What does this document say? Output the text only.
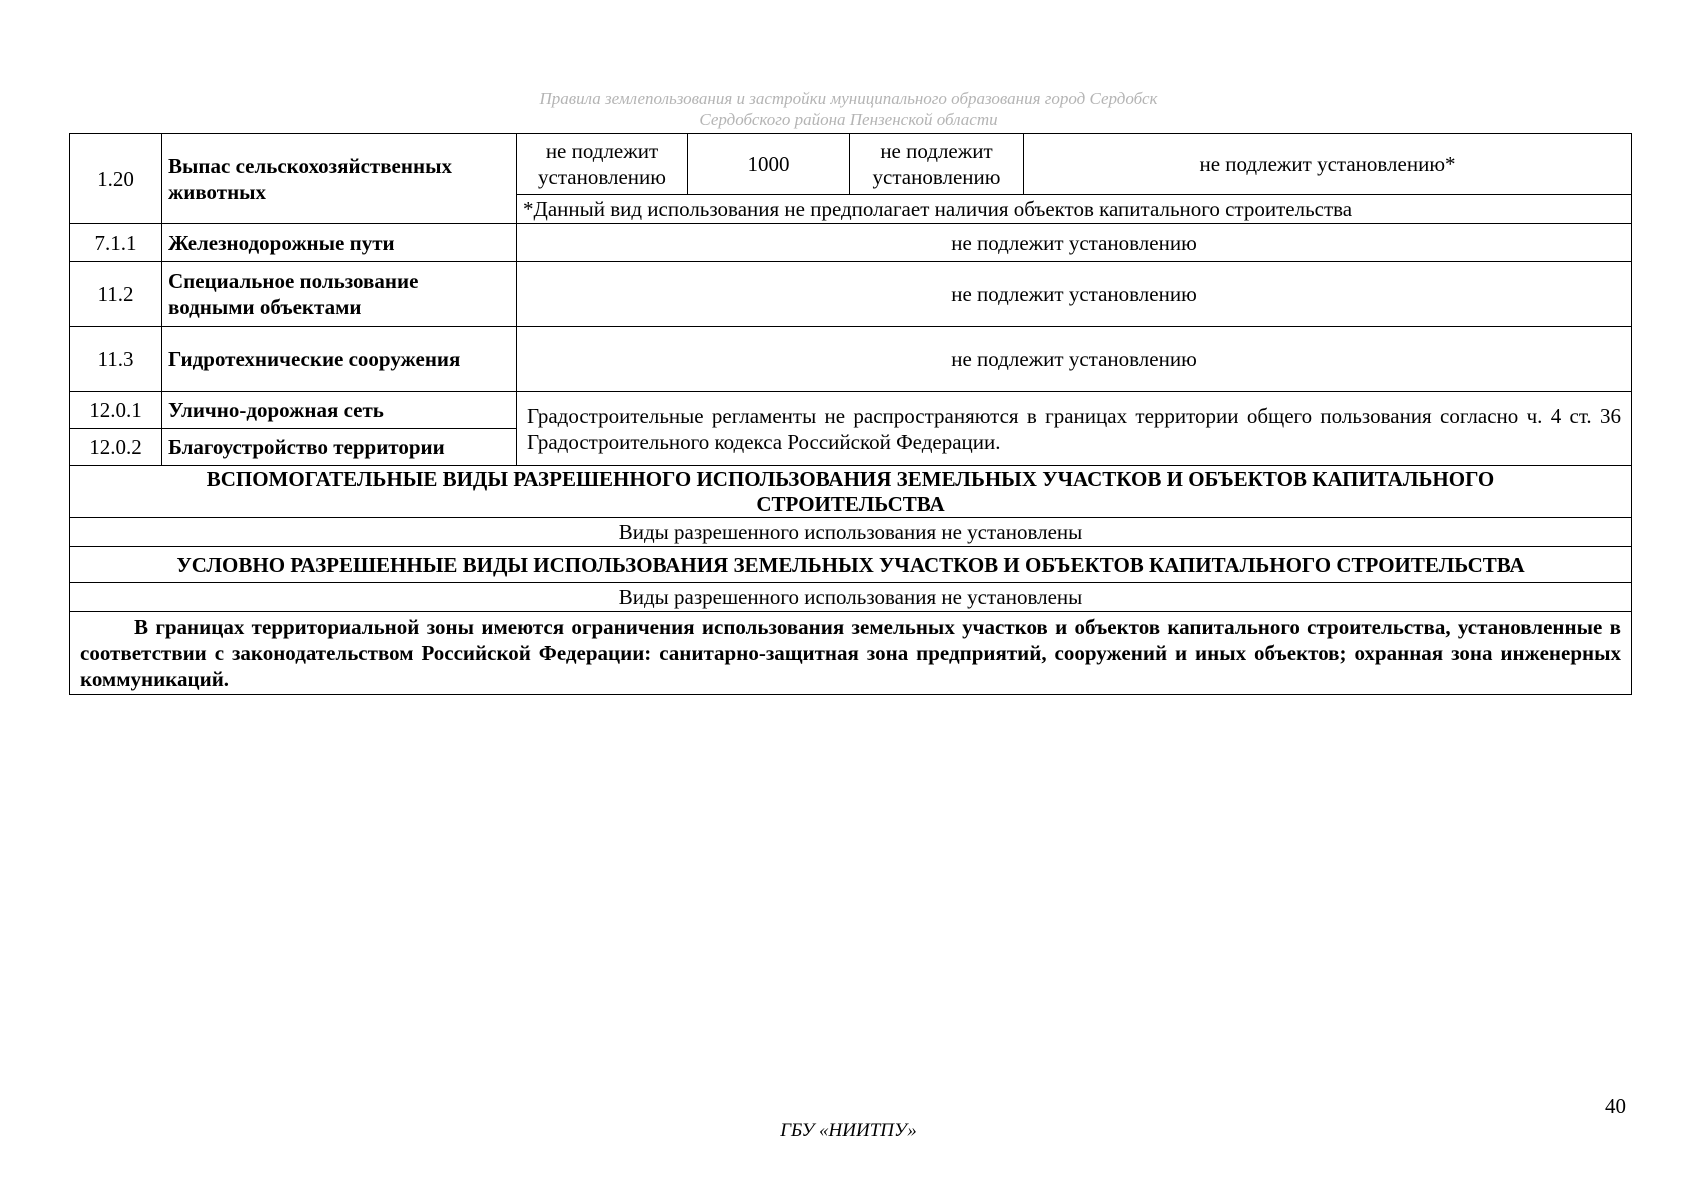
Правила землепользования и застройки муниципального образования город Сердобск
Сердобского района Пензенской области
1.20	Выпас сельскохозяйственных животных	не подлежит установлению	1000	не подлежит установлению	не подлежит установлению*
		*Данный вид использования не предполагает наличия объектов капитального строительства			
7.1.1	Железнодорожные пути	не подлежит установлению			
11.2	Специальное пользование водными объектами	не подлежит установлению			
11.3	Гидротехнические сооружения	не подлежит установлению			
12.0.1	Улично-дорожная сеть	Градостроительные регламенты не распространяются в границах территории общего пользования согласно ч. 4 ст. 36 Градостроительного кодекса Российской Федерации.			
12.0.2	Благоустройство территории				
ВСПОМОГАТЕЛЬНЫЕ ВИДЫ РАЗРЕШЕННОГО ИСПОЛЬЗОВАНИЯ ЗЕМЕЛЬНЫХ УЧАСТКОВ И ОБЪЕКТОВ КАПИТАЛЬНОГО СТРОИТЕЛЬСТВА					
Виды разрешенного использования не установлены					
УСЛОВНО РАЗРЕШЕННЫЕ ВИДЫ ИСПОЛЬЗОВАНИЯ ЗЕМЕЛЬНЫХ УЧАСТКОВ И ОБЪЕКТОВ КАПИТАЛЬНОГО СТРОИТЕЛЬСТВА					
Виды разрешенного использования не установлены					
В границах территориальной зоны имеются ограничения использования земельных участков и объектов капитального строительства, установленные в соответствии с законодательством Российской Федерации: санитарно-защитная зона предприятий, сооружений и иных объектов; охранная зона инженерных коммуникаций.					
40
ГБУ «НИИТПУ»
